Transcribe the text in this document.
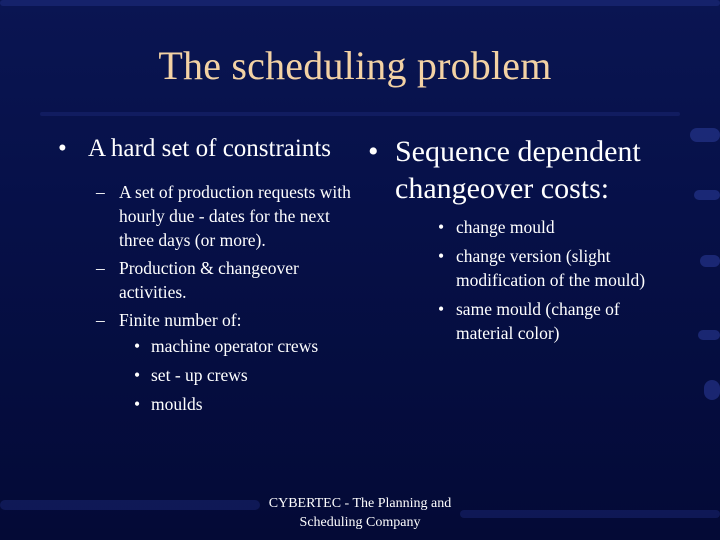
The scheduling problem
• A hard set of constraints
– A set of production requests with hourly due - dates for the next three days (or more).
– Production & changeover activities.
– Finite number of:
• machine operator crews
• set - up crews
• moulds
• Sequence dependent changeover costs:
• change mould
• change version (slight modification of the mould)
• same mould (change of material color)
CYBERTEC - The Planning and Scheduling Company
